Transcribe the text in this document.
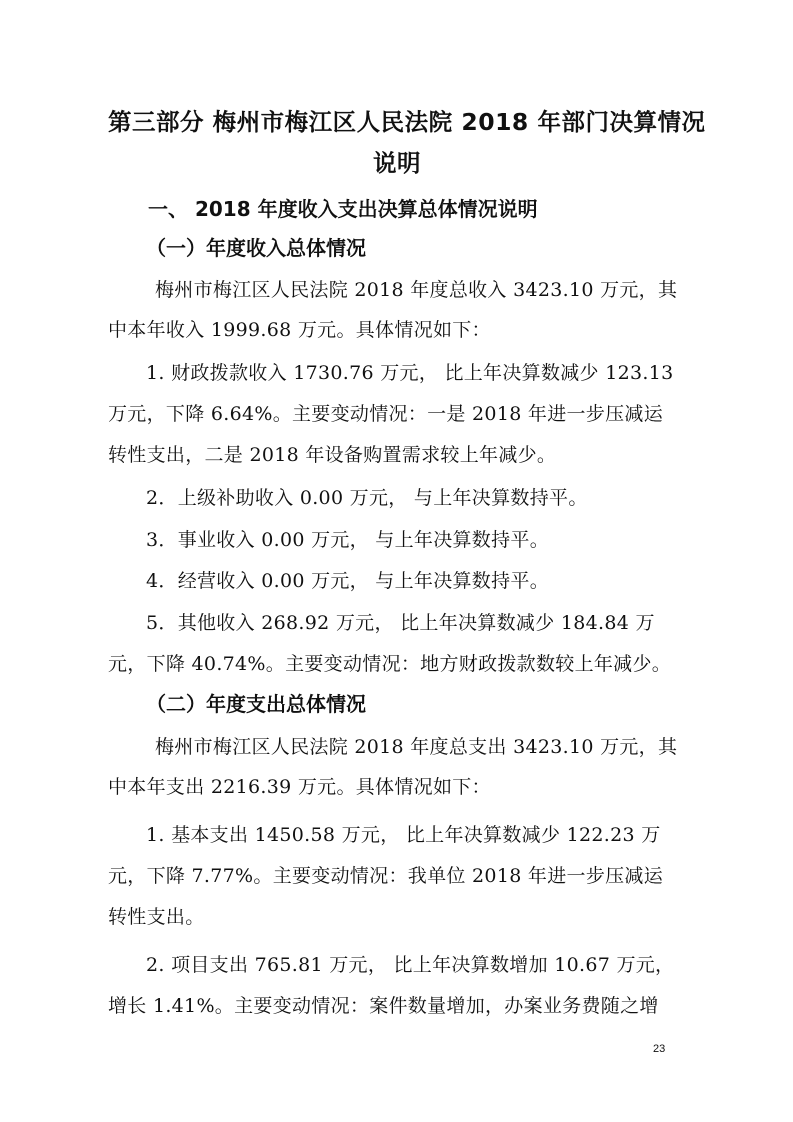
第三部分 梅州市梅江区人民法院 2018 年部门决算情况

说明

一、 2018 年度收入支出决算总体情况说明

（一）年度收入总体情况

梅州市梅江区人民法院 2018 年度总收入 3423.10 万元，其

中本年收入 1999.68 万元。具体情况如下：

1. 财政拨款收入 1730.76 万元， 比上年决算数减少 123.13

万元，下降 6.64%。主要变动情况：一是 2018 年进一步压减运

转性支出，二是 2018 年设备购置需求较上年减少。

2．上级补助收入 0.00 万元， 与上年决算数持平。

3．事业收入 0.00 万元， 与上年决算数持平。

4．经营收入 0.00 万元， 与上年决算数持平。

5．其他收入 268.92 万元， 比上年决算数减少 184.84 万

元，下降 40.74%。主要变动情况：地方财政拨款数较上年减少。

（二）年度支出总体情况

梅州市梅江区人民法院 2018 年度总支出 3423.10 万元，其

中本年支出 2216.39 万元。具体情况如下：

1. 基本支出 1450.58 万元， 比上年决算数减少 122.23 万

元，下降 7.77%。主要变动情况：我单位 2018 年进一步压减运

转性支出。

2. 项目支出 765.81 万元， 比上年决算数增加 10.67 万元，

增长 1.41%。主要变动情况：案件数量增加，办案业务费随之增

23
